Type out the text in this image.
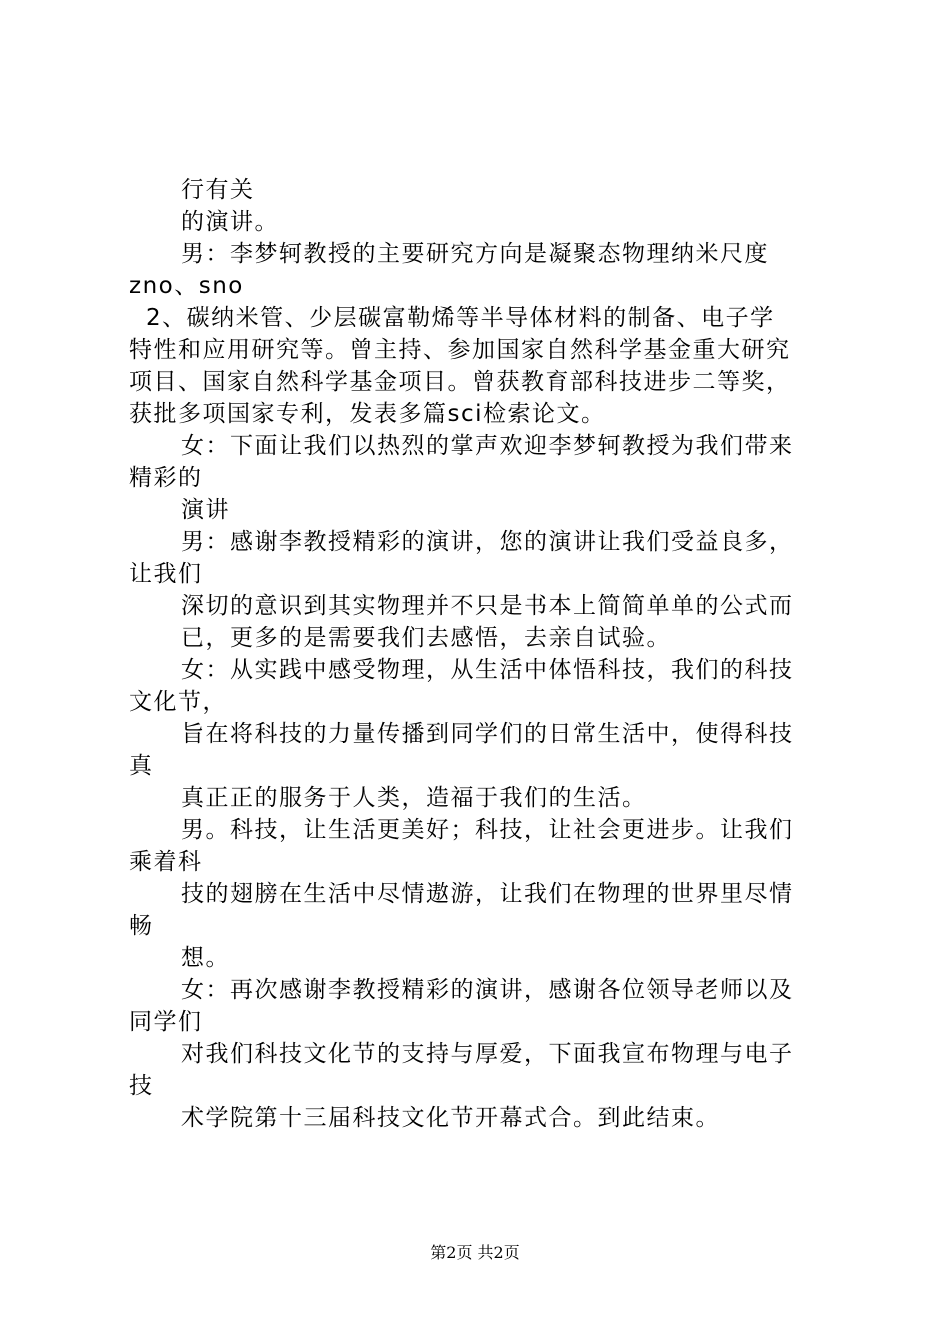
行有关
的演讲。
男：李梦轲教授的主要研究方向是凝聚态物理纳米尺度
zno、sno
2、碳纳米管、少层碳富勒烯等半导体材料的制备、电子学
特性和应用研究等。曾主持、参加国家自然科学基金重大研究
项目、国家自然科学基金项目。曾获教育部科技进步二等奖，
获批多项国家专利，发表多篇sci检索论文。
女：下面让我们以热烈的掌声欢迎李梦轲教授为我们带来
精彩的
演讲
男：感谢李教授精彩的演讲，您的演讲让我们受益良多，
让我们
深切的意识到其实物理并不只是书本上简简单单的公式而
已，更多的是需要我们去感悟，去亲自试验。
女：从实践中感受物理，从生活中体悟科技，我们的科技
文化节，
旨在将科技的力量传播到同学们的日常生活中，使得科技
真
真正正的服务于人类，造福于我们的生活。
男。科技，让生活更美好；科技，让社会更进步。让我们
乘着科
技的翅膀在生活中尽情遨游，让我们在物理的世界里尽情
畅
想。
女：再次感谢李教授精彩的演讲，感谢各位领导老师以及
同学们
对我们科技文化节的支持与厚爱，下面我宣布物理与电子
技
术学院第十三届科技文化节开幕式合。到此结束。
第2页 共2页
